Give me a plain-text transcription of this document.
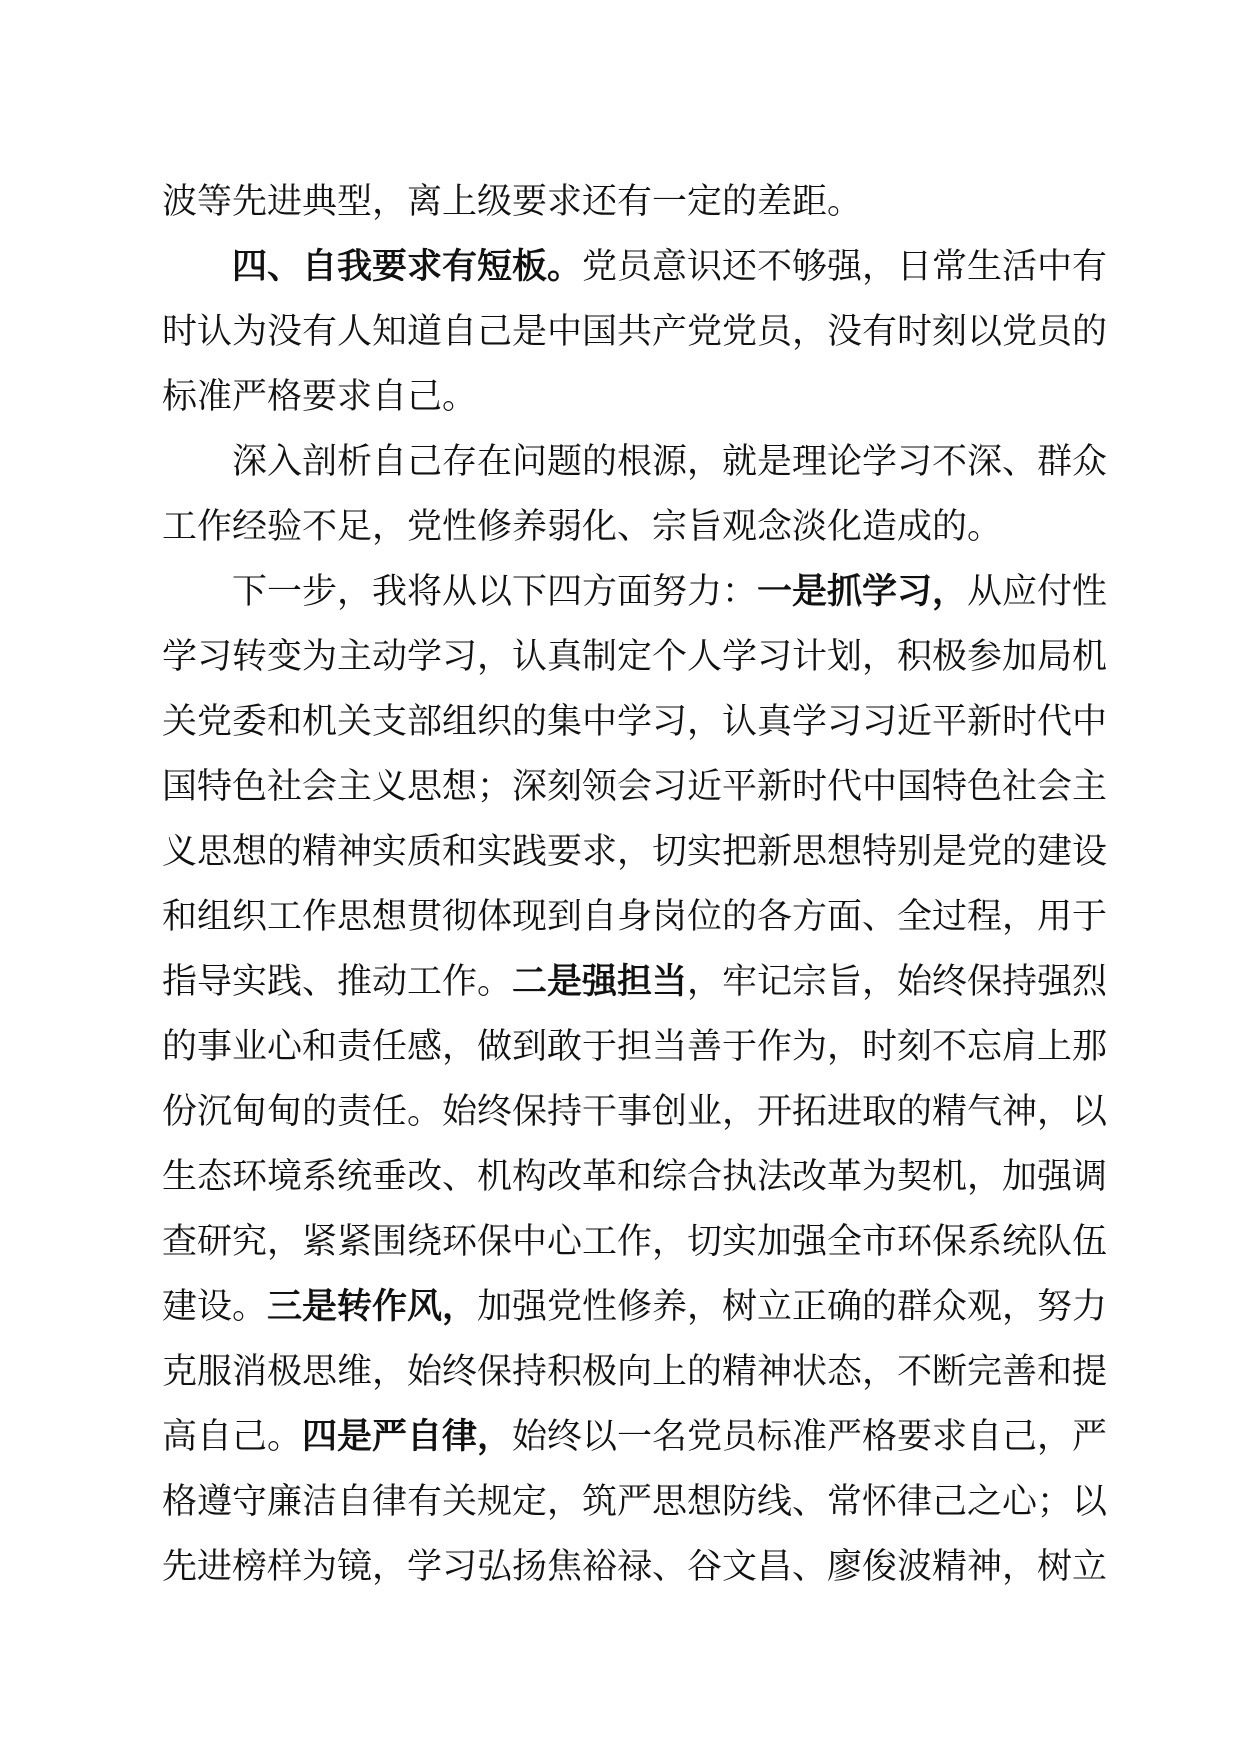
波等先进典型，离上级要求还有一定的差距。
四、自我要求有短板。党员意识还不够强，日常生活中有
时认为没有人知道自己是中国共产党党员，没有时刻以党员的
标准严格要求自己。
深入剖析自己存在问题的根源，就是理论学习不深、群众
工作经验不足，党性修养弱化、宗旨观念淡化造成的。
下一步，我将从以下四方面努力：一是抓学习，从应付性
学习转变为主动学习，认真制定个人学习计划，积极参加局机
关党委和机关支部组织的集中学习，认真学习习近平新时代中
国特色社会主义思想；深刻领会习近平新时代中国特色社会主
义思想的精神实质和实践要求，切实把新思想特别是党的建设
和组织工作思想贯彻体现到自身岗位的各方面、全过程，用于
指导实践、推动工作。二是强担当，牢记宗旨，始终保持强烈
的事业心和责任感，做到敢于担当善于作为，时刻不忘肩上那
份沉甸甸的责任。始终保持干事创业，开拓进取的精气神，以
生态环境系统垂改、机构改革和综合执法改革为契机，加强调
查研究，紧紧围绕环保中心工作，切实加强全市环保系统队伍
建设。三是转作风，加强党性修养，树立正确的群众观，努力
克服消极思维，始终保持积极向上的精神状态，不断完善和提
高自己。四是严自律，始终以一名党员标准严格要求自己，严
格遵守廉洁自律有关规定，筑严思想防线、常怀律己之心；以
先进榜样为镜，学习弘扬焦裕禄、谷文昌、廖俊波精神，树立
